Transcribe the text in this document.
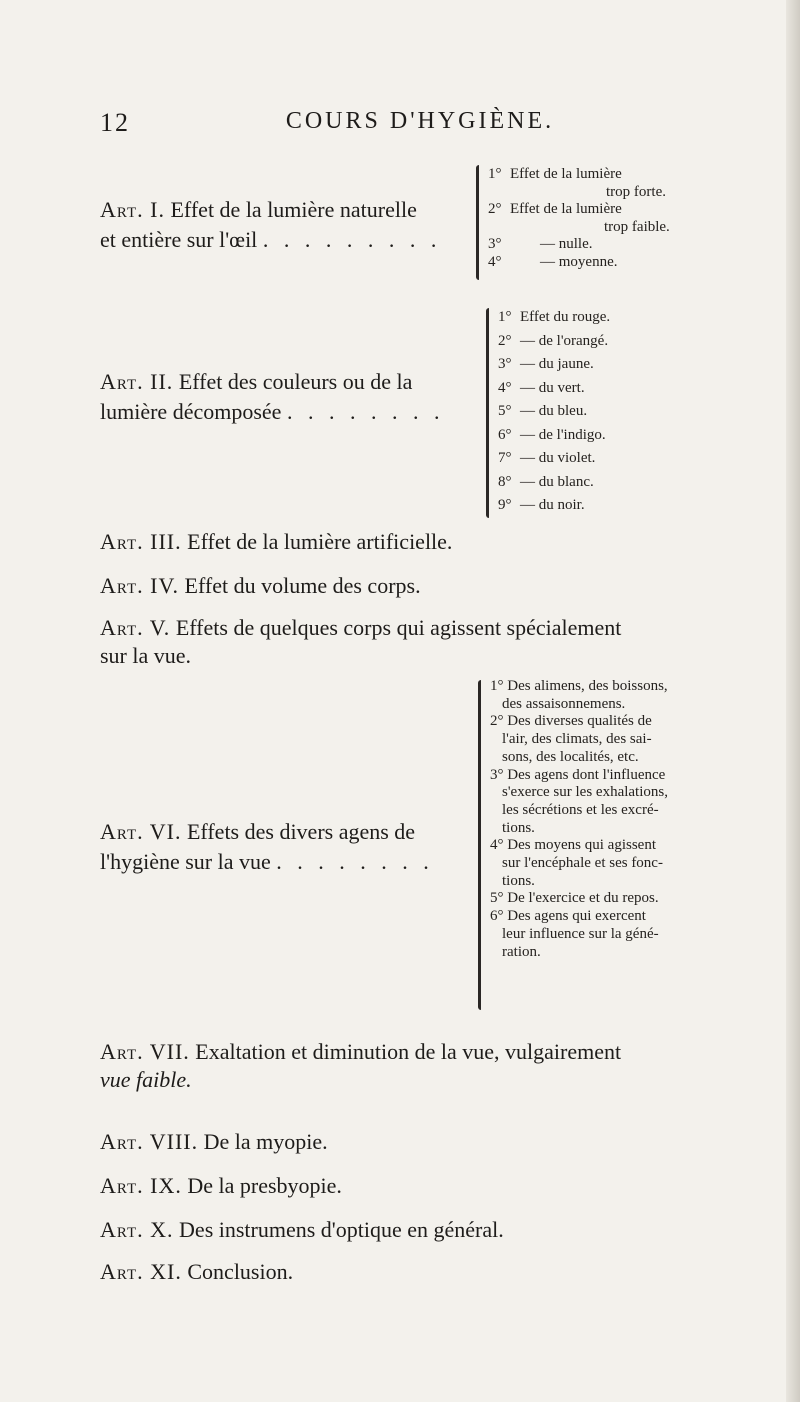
12	COURS D'HYGIÈNE.
Art. I. Effet de la lumière naturelle
et entière sur l'œil . . . . . . . . .
1° Effet de la lumière
trop forte.
2° Effet de la lumière
trop faible.
3°	— nulle.
4°	— moyenne.
Art. II. Effet des couleurs ou de la
lumière décomposée . . . . . . . .
1° Effet du rouge.
2° — de l'orangé.
3° — du jaune.
4° — du vert.
5° — du bleu.
6° — de l'indigo.
7° — du violet.
8° — du blanc.
9° — du noir.
Art. III. Effet de la lumière artificielle.
Art. IV. Effet du volume des corps.
Art. V. Effets de quelques corps qui agissent spécialement
sur la vue.
Art. VI. Effets des divers agens de
l'hygiène sur la vue . . . . . . . .
1° Des alimens, des boissons,
des assaisonnemens.
2° Des diverses qualités de
l'air, des climats, des sai-
sons, des localités, etc.
3° Des agens dont l'influence
s'exerce sur les exhalations,
les sécrétions et les excré-
tions.
4° Des moyens qui agissent
sur l'encéphale et ses fonc-
tions.
5° De l'exercice et du repos.
6° Des agens qui exercent
leur influence sur la géné-
ration.
Art. VII. Exaltation et diminution de la vue, vulgairement
vue faible.
Art. VIII. De la myopie.
Art. IX. De la presbyopie.
Art. X. Des instrumens d'optique en général.
Art. XI. Conclusion.
